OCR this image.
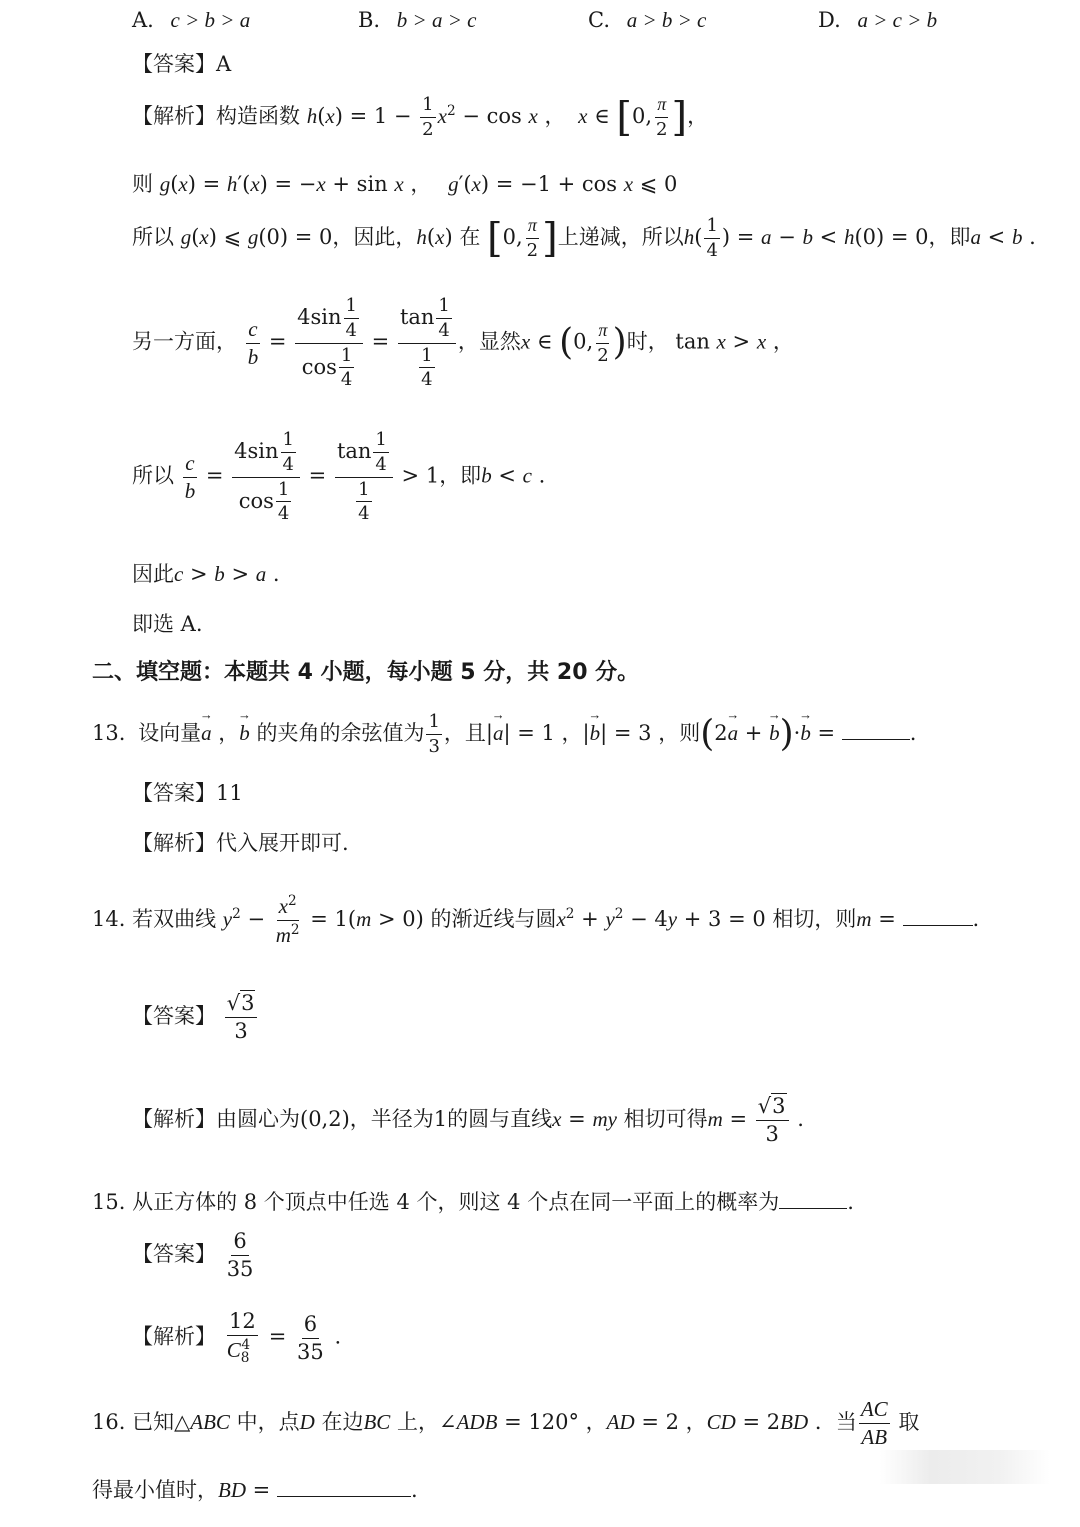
A. c > b > a	B. b > a > c	C. a > b > c	D. a > c > b
【答案】A
【解析】构造函数 $h(x) = 1 - \frac{1}{2} x^2 - \cos x$ ， x ∈ [0, $\frac{\pi}{2}$ ]，
则 g(x) = h′(x) = −x + sin x ， g′(x) = −1 + cos x ⩽ 0
所以 g(x) ⩽ g(0) = 0，因此，h(x) 在 [0, $\frac{\pi}{2}$ ]上递减，所以$h( \frac{1}{4}$ ) = a − b < h(0) = 0，即a < b .
另一方面， $\frac{c}{b} = \frac{4\sin \frac{1}{4}}{\cos \frac{1}{4}} = \frac{\tan \frac{1}{4}}{\frac{1}{4}}$ ，显然x ∈ (0, $\frac{\pi}{2}$ )时， tan x > x ，
所以 $\frac{c}{b} = \frac{4\sin \frac{1}{4}}{\cos \frac{1}{4}} = \frac{\tan \frac{1}{4}}{\frac{1}{4}} > 1$，即b < c .
因此c > b > a .
即选 A.
二、填空题：本题共 4 小题，每小题 5 分，共 20 分。
13. 设向量→ a ，→ b 的夹角的余弦值为 $\frac{1}{3}$ ，且|→ a| = 1 ，|→ b| = 3 ，则(2→ a + → b)·→ b =	.
【答案】11
【解析】代入展开即可.
14. 若双曲线 $y^2 - \frac{x^2}{m^2} = 1(m > 0)$ 的渐近线与圆$x^2 + y^2 - 4y + 3 = 0$ 相切，则m =	.
【答案】 $\frac{√3}{3}$
【解析】由圆心为(0,2)，半径为1的圆与直线x = my 相切可得$m = \frac{√3}{3}$ .
15. 从正方体的 8 个顶点中任选 4 个，则这 4 个点在同一平面上的概率为	.
【答案】 $\frac{6}{35}$
【解析】 $\frac{12}{C_8^4} = \frac{6}{35}$ .
16. 已知△ABC 中，点D 在边BC 上，∠ADB = 120° ，AD = 2 ，CD = 2BD ．当 $\frac{AC}{AB}$ 取
得最小值时，BD =	.
